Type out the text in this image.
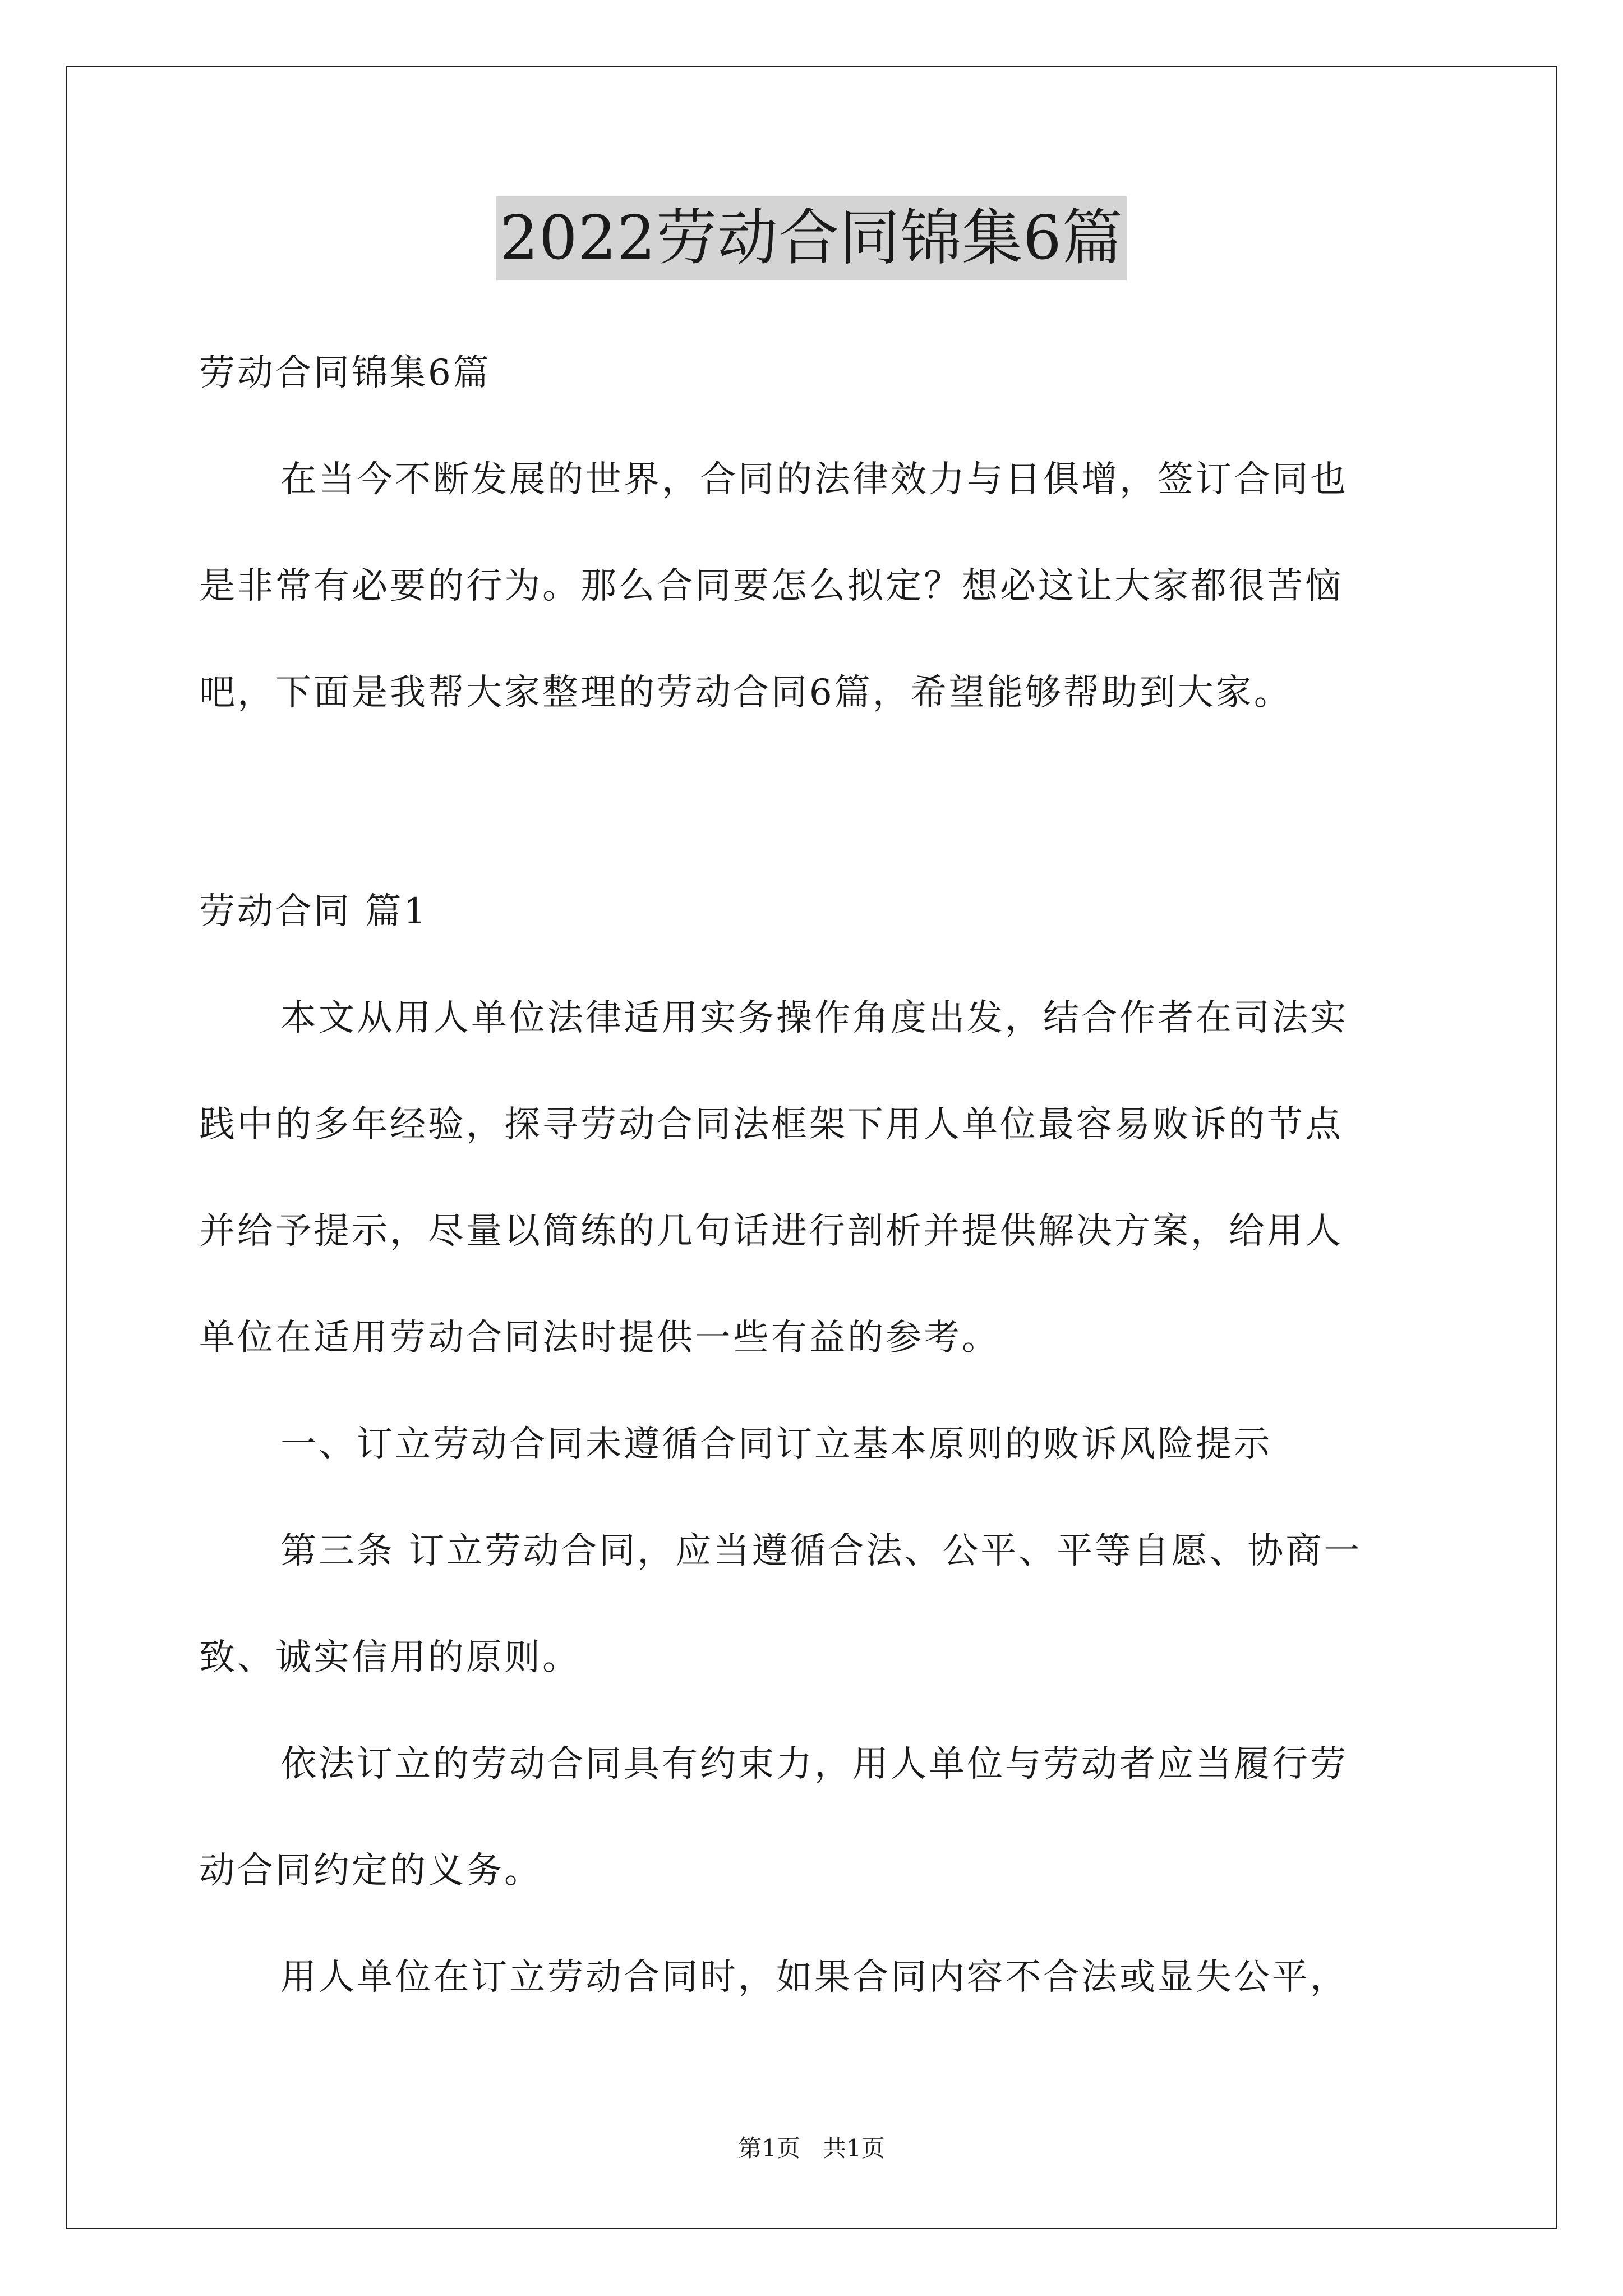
2022劳动合同锦集6篇
劳动合同锦集6篇
在当今不断发展的世界，合同的法律效力与日俱增，签订合同也
是非常有必要的行为。那么合同要怎么拟定？想必这让大家都很苦恼
吧，下面是我帮大家整理的劳动合同6篇，希望能够帮助到大家。
劳动合同 篇1
本文从用人单位法律适用实务操作角度出发，结合作者在司法实
践中的多年经验，探寻劳动合同法框架下用人单位最容易败诉的节点
并给予提示，尽量以简练的几句话进行剖析并提供解决方案，给用人
单位在适用劳动合同法时提供一些有益的参考。
一、订立劳动合同未遵循合同订立基本原则的败诉风险提示
第三条 订立劳动合同，应当遵循合法、公平、平等自愿、协商一
致、诚实信用的原则。
依法订立的劳动合同具有约束力，用人单位与劳动者应当履行劳
动合同约定的义务。
用人单位在订立劳动合同时，如果合同内容不合法或显失公平，
第1页   共1页
